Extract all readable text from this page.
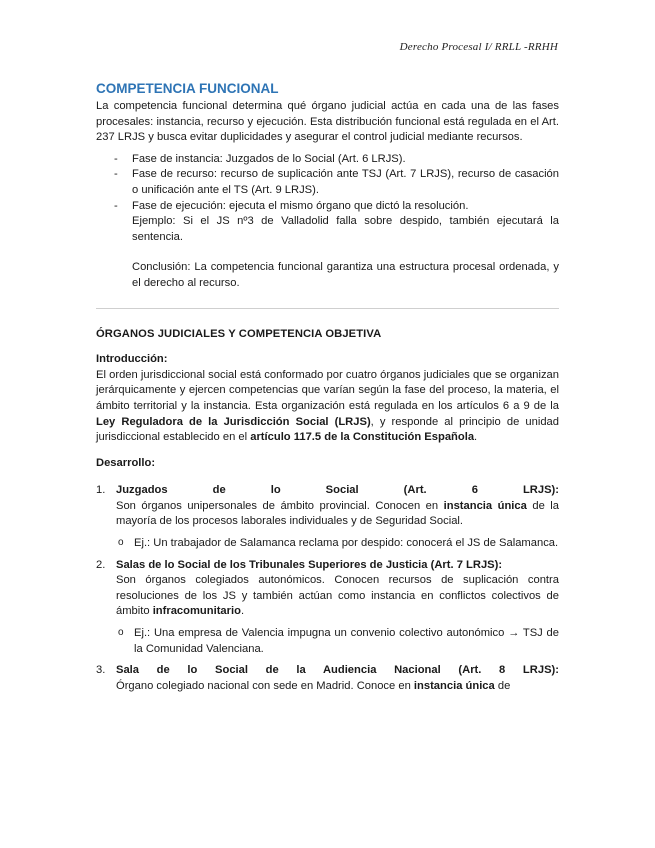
Derecho Procesal I/ RRLL -RRHH
COMPETENCIA FUNCIONAL

La competencia funcional determina qué órgano judicial actúa en cada una de las fases procesales: instancia, recurso y ejecución. Esta distribución funcional está regulada en el Art. 237 LRJS y busca evitar duplicidades y asegurar el control judicial mediante recursos.

- Fase de instancia: Juzgados de lo Social (Art. 6 LRJS).
- Fase de recurso: recurso de suplicación ante TSJ (Art. 7 LRJS), recurso de casación o unificación ante el TS (Art. 9 LRJS).
- Fase de ejecución: ejecuta el mismo órgano que dictó la resolución.
Ejemplo: Si el JS nº3 de Valladolid falla sobre despido, también ejecutará la sentencia.
Conclusión: La competencia funcional garantiza una estructura procesal ordenada, y el derecho al recurso.
ÓRGANOS JUDICIALES Y COMPETENCIA OBJETIVA

Introducción:

El orden jurisdiccional social está conformado por cuatro órganos judiciales que se organizan jerárquicamente y ejercen competencias que varían según la fase del proceso, la materia, el ámbito territorial y la instancia. Esta organización está regulada en los artículos 6 a 9 de la Ley Reguladora de la Jurisdicción Social (LRJS), y responde al principio de unidad jurisdiccional establecido en el artículo 117.5 de la Constitución Española.

Desarrollo:

1. Juzgados de lo Social (Art. 6 LRJS):
Son órganos unipersonales de ámbito provincial. Conocen en instancia única de la mayoría de los procesos laborales individuales y de Seguridad Social.
o Ej.: Un trabajador de Salamanca reclama por despido: conocerá el JS de Salamanca.
2. Salas de lo Social de los Tribunales Superiores de Justicia (Art. 7 LRJS):
Son órganos colegiados autonómicos. Conocen recursos de suplicación contra resoluciones de los JS y también actúan como instancia en conflictos colectivos de ámbito infracomunitario.
o Ej.: Una empresa de Valencia impugna un convenio colectivo autonómico → TSJ de la Comunidad Valenciana.
3. Sala de lo Social de la Audiencia Nacional (Art. 8 LRJS):
Órgano colegiado nacional con sede en Madrid. Conoce en instancia única de
